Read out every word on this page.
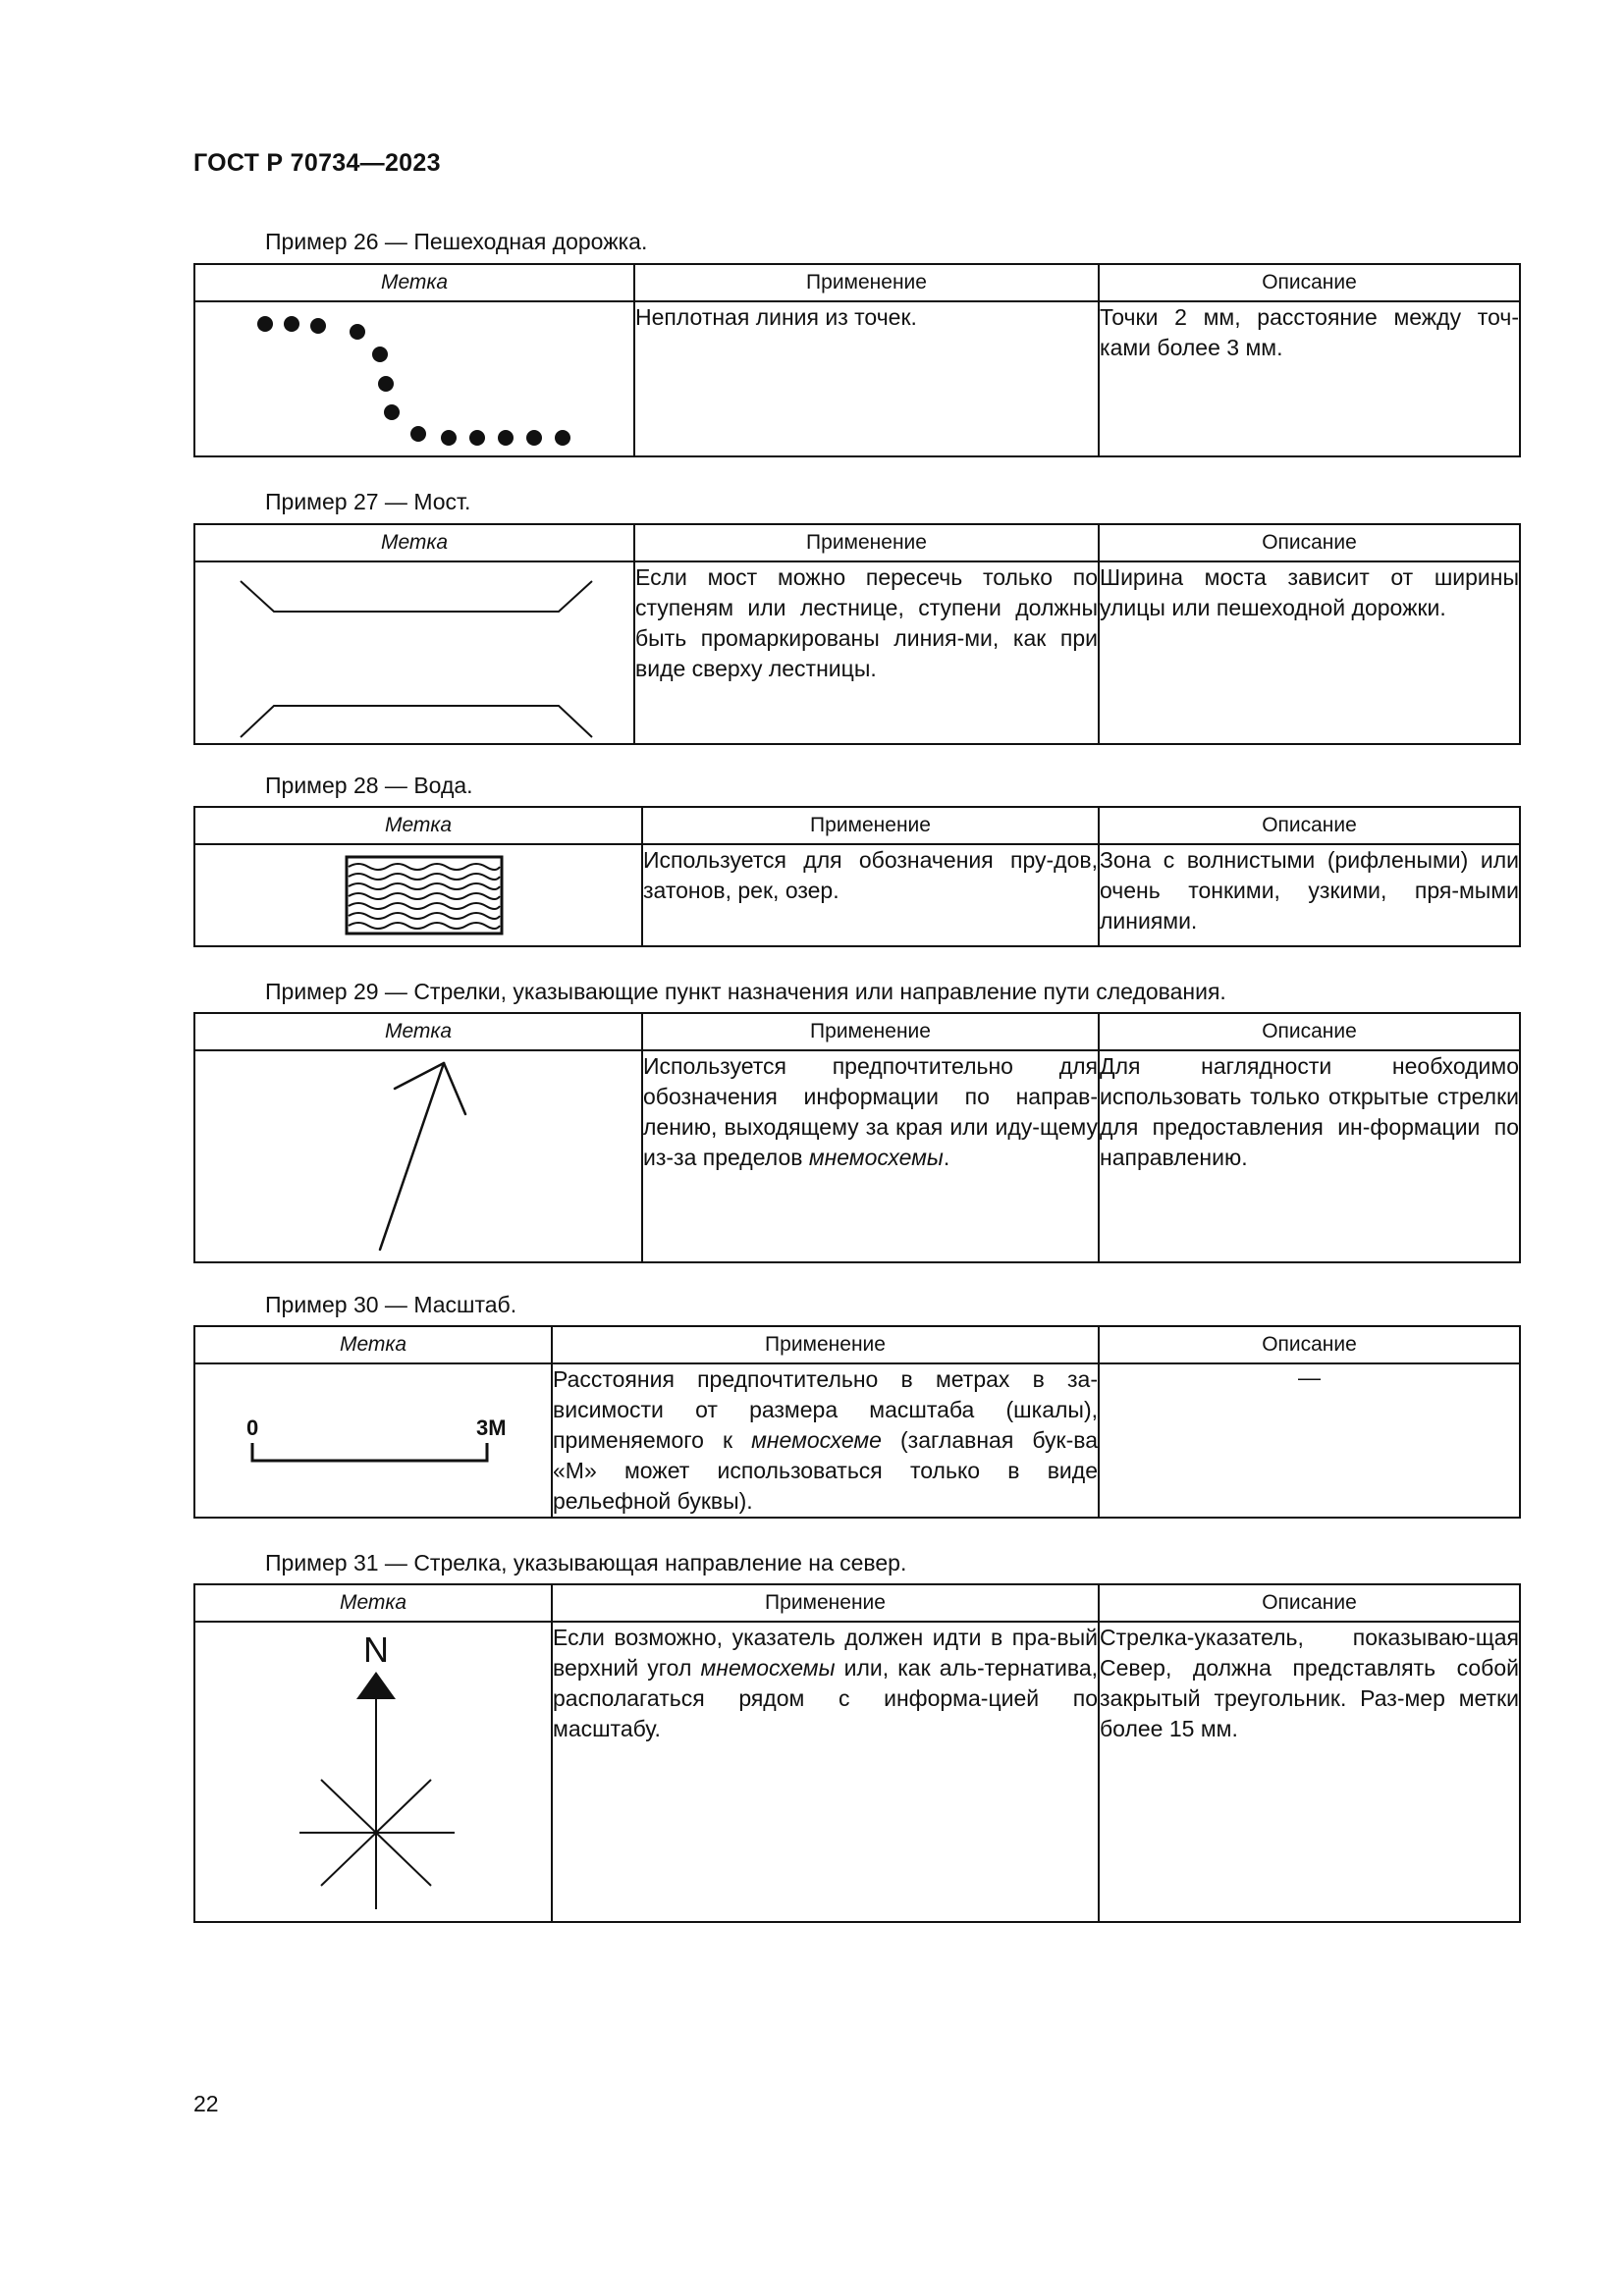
ГОСТ Р 70734—2023
Пример 26 — Пешеходная дорожка.
Метка	Применение	Описание

	Неплотная линия из точек.	Точки 2 мм, расстояние между точ-ками более 3 мм.
Пример 27 — Мост.
Метка	Применение	Описание

	Если мост можно пересечь только по ступеням или лестнице, ступени должны быть промаркированы линия-ми, как при виде сверху лестницы.	Ширина моста зависит от ширины улицы или пешеходной дорожки.
Пример 28 — Вода.
Метка	Применение	Описание

	Используется для обозначения пру-дов, затонов, рек, озер.	Зона с волнистыми (рифлеными) или очень тонкими, узкими, пря-мыми линиями.
Пример 29 — Стрелки, указывающие пункт назначения или направление пути следования.
Метка	Применение	Описание

	Используется предпочтительно для обозначения информации по направ-лению, выходящему за края или иду-щему из-за пределов мнемосхемы.	Для наглядности необходимо использовать только открытые стрелки для предоставления ин-формации по направлению.
Пример 30 — Масштаб.
Метка	Применение	Описание

0 3М	Расстояния предпочтительно в метрах в за-висимости от размера масштаба (шкалы), применяемого к мнемосхеме (заглавная бук-ва «М» может использоваться только в виде рельефной буквы).	—
Пример 31 — Стрелка, указывающая направление на север.
Метка	Применение	Описание

N	Если возможно, указатель должен идти в пра-вый верхний угол мнемосхемы или, как аль-тернатива, располагаться рядом с информа-цией по масштабу.	Стрелка-указатель, показываю-щая Север, должна представлять собой закрытый треугольник. Раз-мер метки более 15 мм.
22
